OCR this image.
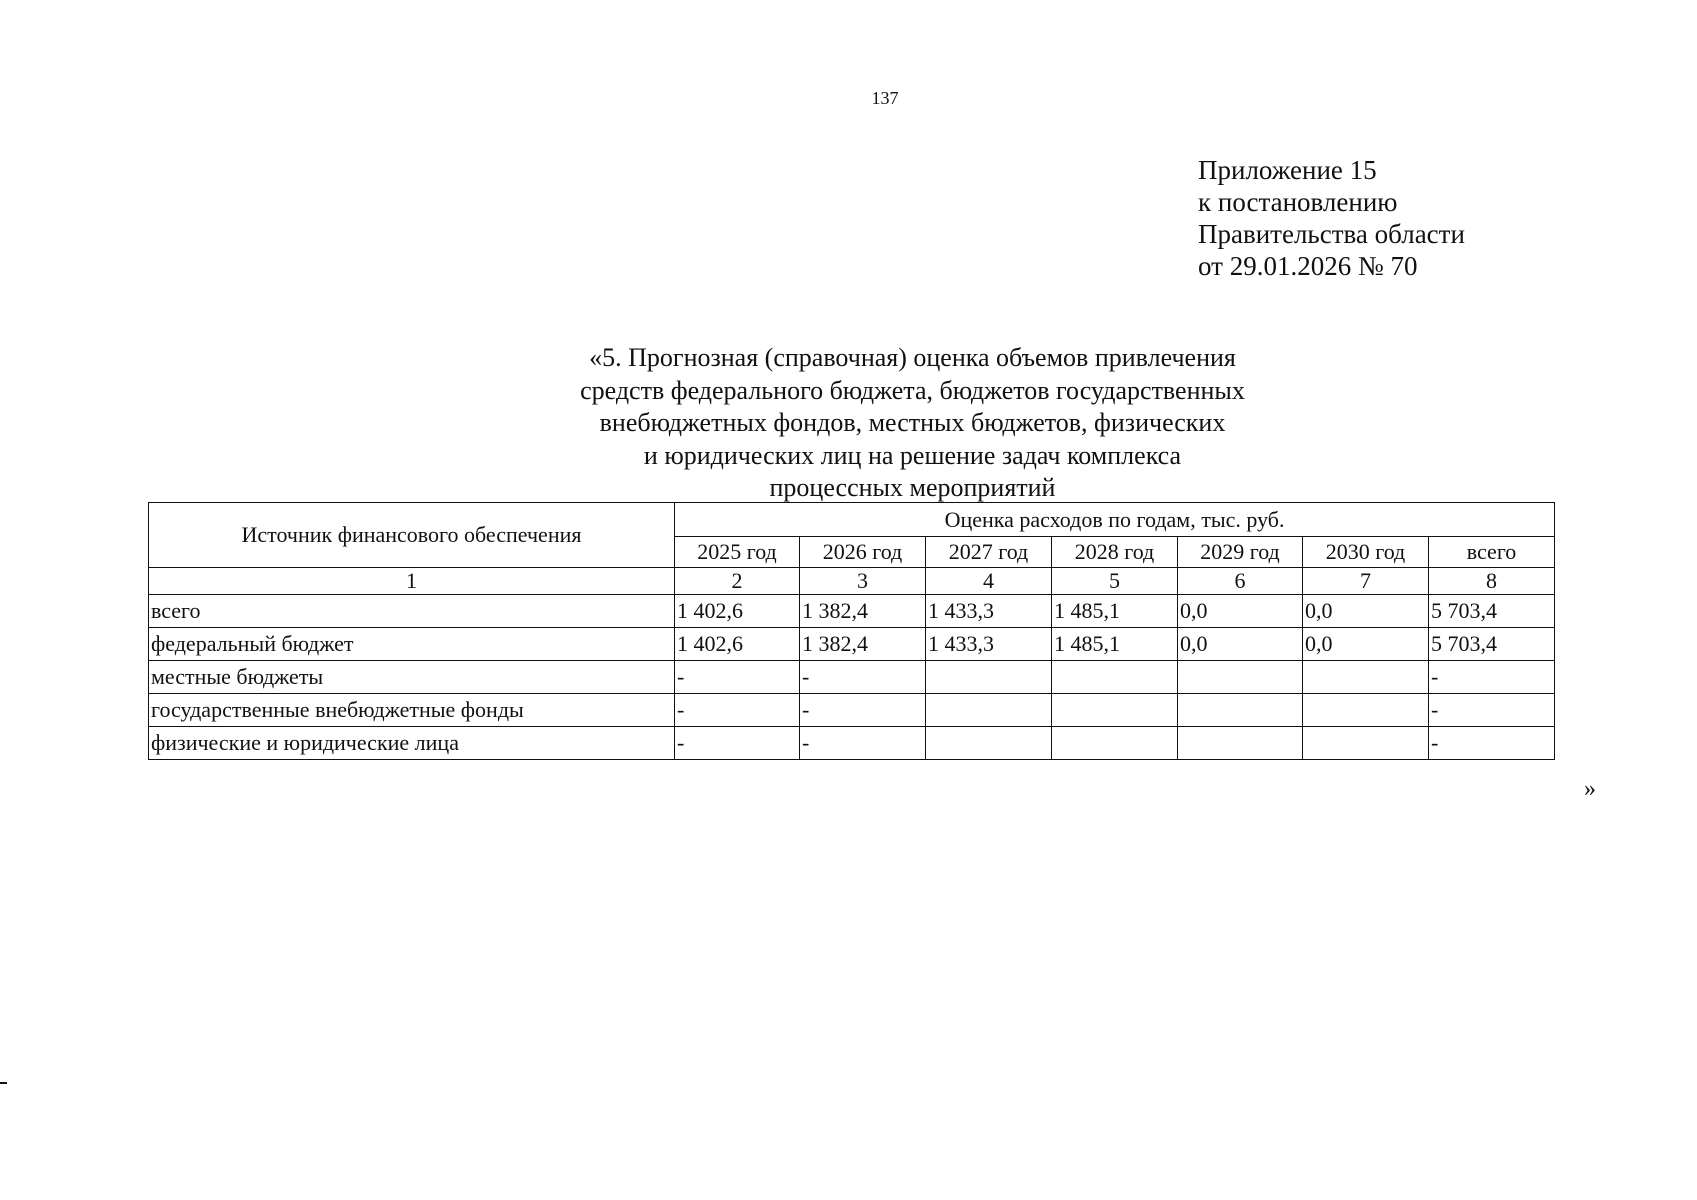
137
Приложение 15
к постановлению
Правительства области
от 29.01.2026 № 70
«5. Прогнозная (справочная) оценка объемов привлечения
средств федерального бюджета, бюджетов государственных
внебюджетных фондов, местных бюджетов, физических
и юридических лиц на решение задач комплекса
процессных мероприятий
Источник финансового обеспечения	Оценка расходов по годам, тыс. руб.						
	2025 год	2026 год	2027 год	2028 год	2029 год	2030 год	всего
1	2	3	4	5	6	7	8
всего	1 402,6	1 382,4	1 433,3	1 485,1	0,0	0,0	5 703,4
федеральный бюджет	1 402,6	1 382,4	1 433,3	1 485,1	0,0	0,0	5 703,4
местные бюджеты	-	-					-
государственные внебюджетные фонды	-	-					-
физические и юридические лица	-	-					-
»
